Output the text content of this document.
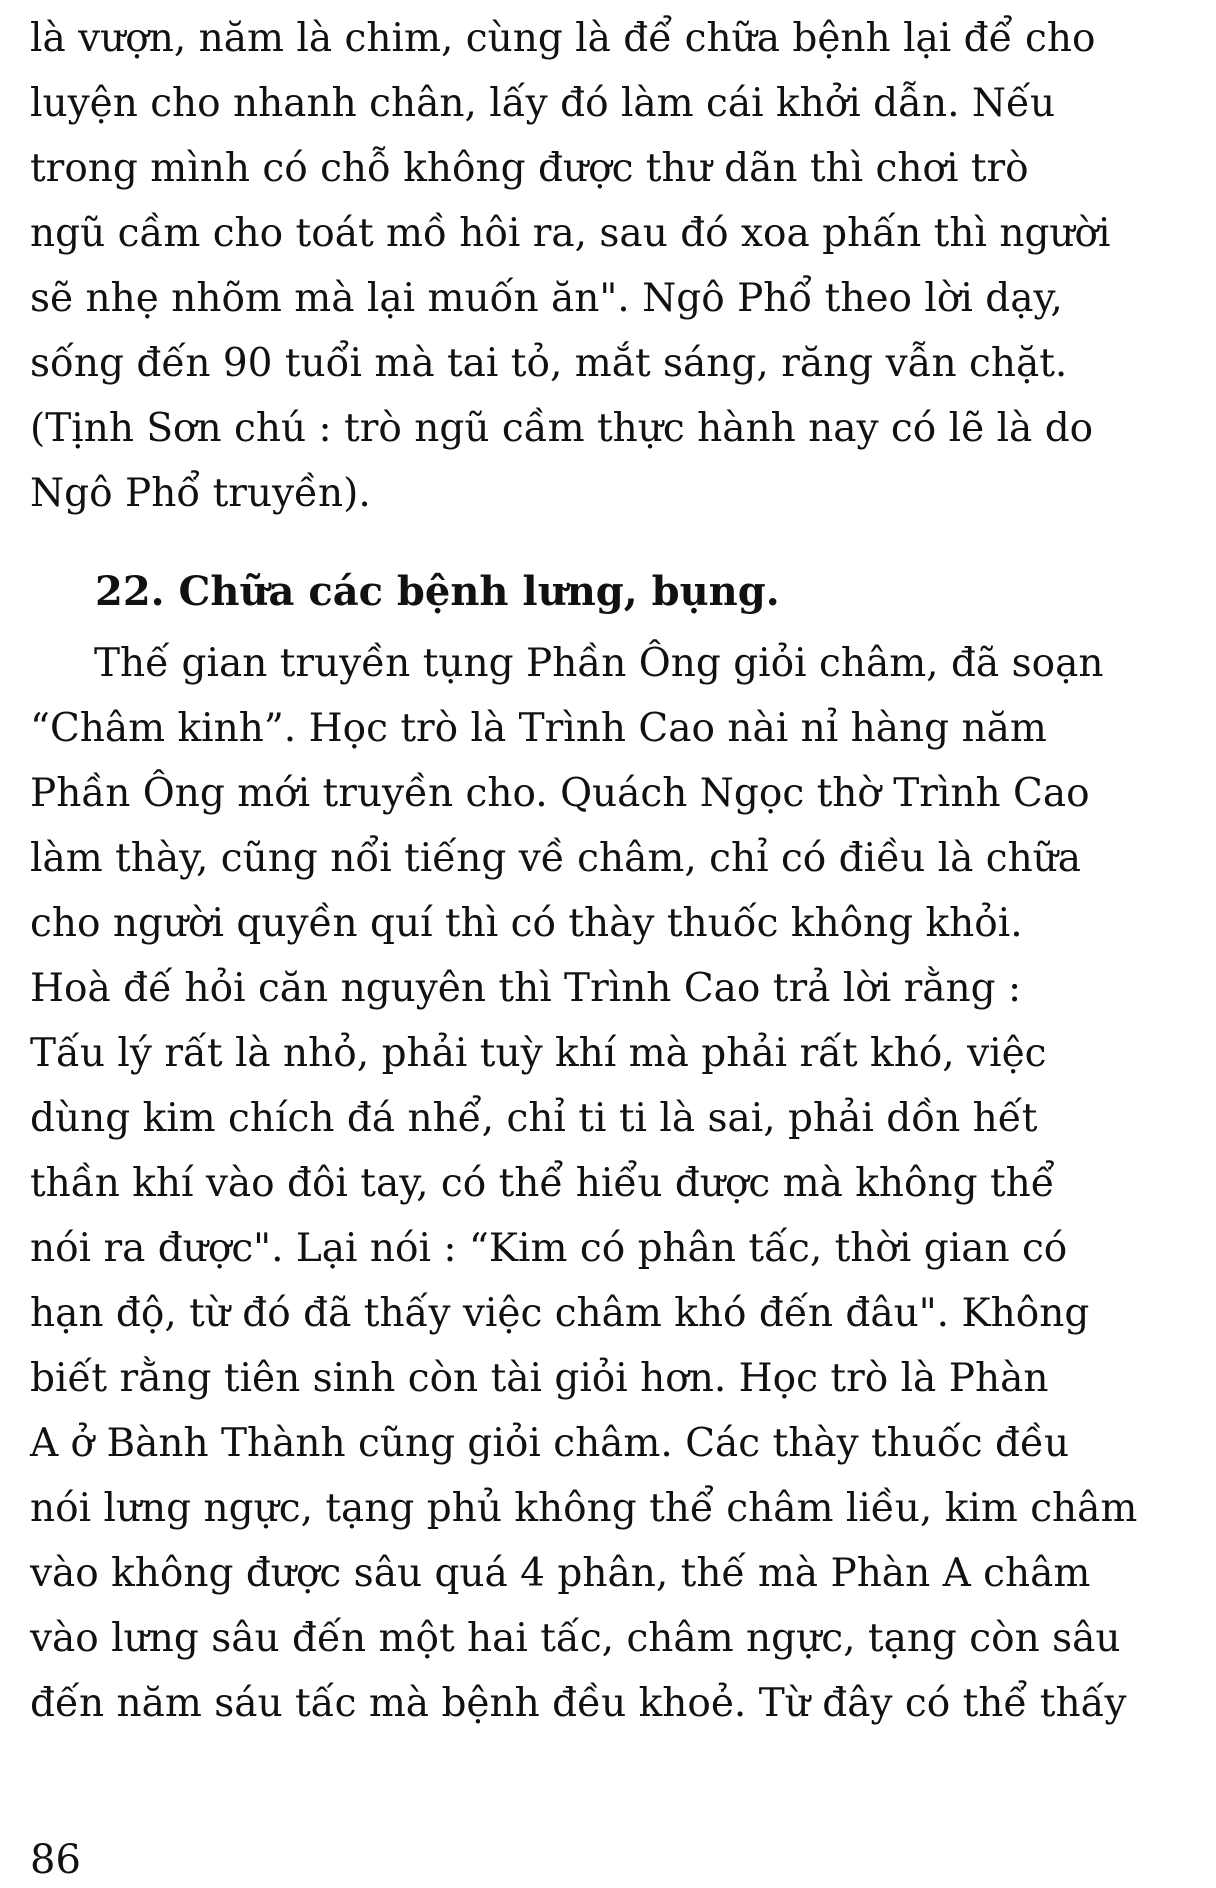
là vượn, năm là chim, cùng là để chữa bệnh lại để cho
luyện cho nhanh chân, lấy đó làm cái khởi dẫn. Nếu
trong mình có chỗ không được thư dãn thì chơi trò
ngũ cầm cho toát mồ hôi ra, sau đó xoa phấn thì người
sẽ nhẹ nhõm mà lại muốn ăn". Ngô Phổ theo lời dạy,
sống đến 90 tuổi mà tai tỏ, mắt sáng, răng vẫn chặt.
(Tịnh Sơn chú : trò ngũ cầm thực hành nay có lẽ là do
Ngô Phổ truyền).
22. Chữa các bệnh lưng, bụng.
Thế gian truyền tụng Phần Ông giỏi châm, đã soạn
“Châm kinh”. Học trò là Trình Cao nài nỉ hàng năm
Phần Ông mới truyền cho. Quách Ngọc thờ Trình Cao
làm thày, cũng nổi tiếng về châm, chỉ có điều là chữa
cho người quyền quí thì có thày thuốc không khỏi.
Hoà đế hỏi căn nguyên thì Trình Cao trả lời rằng :
Tấu lý rất là nhỏ, phải tuỳ khí mà phải rất khó, việc
dùng kim chích đá nhể, chỉ ti ti là sai, phải dồn hết
thần khí vào đôi tay, có thể hiểu được mà không thể
nói ra được". Lại nói : “Kim có phân tấc, thời gian có
hạn độ, từ đó đã thấy việc châm khó đến đâu". Không
biết rằng tiên sinh còn tài giỏi hơn. Học trò là Phàn
A ở Bành Thành cũng giỏi châm. Các thày thuốc đều
nói lưng ngực, tạng phủ không thể châm liều, kim châm
vào không được sâu quá 4 phân, thế mà Phàn A châm
vào lưng sâu đến một hai tấc, châm ngực, tạng còn sâu
đến năm sáu tấc mà bệnh đều khoẻ. Từ đây có thể thấy
86
